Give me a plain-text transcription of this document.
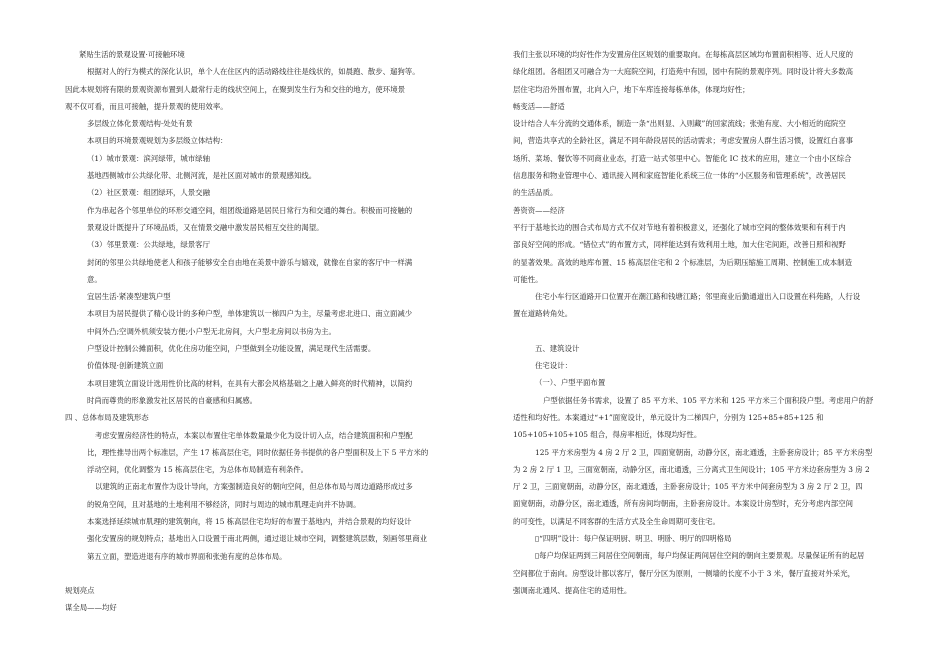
紧贴生活的景观设置·可接触环境

根据对人的行为模式的深化认识，单个人在住区内的活动路线往往是线状的，如晨跑、散步、遛狗等。

因此本规划将有限的景观资源布置到人最常行走的线状空间上，在聚到发生行为和交往的地方，使环境景

观不仅可看，而且可接触，提升景观的使用效率。

多层级立体化景观结构·处处有景

本项目的环境景观规划为多层级立体结构：

（1）城市景观：滨河绿带，城市绿轴

基地西侧城市公共绿化带、北侧河流，是社区面对城市的景观感知线。

（2）社区景观：组团绿环，人景交融

作为串起各个邻里单位的环形交通空间，组团级道路是居民日常行为和交通的舞台。积极而可接触的

景观设计既提升了环境品质，又在情景交融中激发居民相互交往的渴望。

（3）邻里景观：公共绿地，绿景客厅

封闭的邻里公共绿地使老人和孩子能够安全自由地在美景中游乐与嬉戏，就像在自家的客厅中一样满

意。

宜居生活·紧凑型建筑户型

本项目为居民提供了精心设计的多种户型，单体建筑以一梯四户为主，尽量考虑北进口、南立面减少

中间外凸;空调外机须安装方便;小户型无北房间，大户型北房间以书房为主。

户型设计控制公摊面积，优化住房功能空间，户型做到全功能设置，满足现代生活需要。

价值体现·创新建筑立面

本项目建筑立面设计选用性价比高的材料，在具有大都会风格基础之上融入鲜亮的时代精神，以简约

时尚而尊贵的形象激发社区居民的自豪感和归属感。

四 、总体布局及建筑形态

考虑安置房经济性的特点，本案以布置住宅单体数量最少化为设计切入点，结合建筑面积和户型配

比，理性推导出两个标准层，产生 17 栋高层住宅，同时依据任务书提供的各户型面积及上下 5 平方米的

浮动空间，优化调整为 15 栋高层住宅，为总体布局制造有利条件。

以建筑的正南北布置作为设计导向，方案强制造良好的朝向空间，但总体布局与周边道路形成过多

的锐角空间，且对基地的土地利用不够经济，同时与周边的城市肌理走向并不协调。

本案选择延续城市肌理的建筑朝向，将 15 栋高层住宅均好的布置于基地内，并结合景观的均好设计

强化安置房的规划特点；基地出入口设置于南北两侧，通过退让城市空间，调整建筑层数，刻画邻里商业

第五立面，塑造进退有序的城市界面和张弛有度的总体布局。

规划亮点

谋全局——均好

我们主张以环境的均好性作为安置房住区规划的重要取向。在每栋高层区域均布置面积相等、近人尺度的

绿化组团。各组团又可融合为一大庭院空间，打造苑中有园，园中有院的景观序列。同时设计将大多数高

层住宅均沿外围布置，北向入户，地下车库连接每栋单体，体现均好性；

畅变活——舒适

设计结合人车分流的交通体系，制造一条“出则显、入则藏”的回家流线；张弛有度、大小相近的庭院空

间，营造共享式的全龄社区，满足不同年龄段居民的活动需求；考虑安置房人群生活习惯，设置红白喜事

场所、菜场、餐饮等不同商业业态，打造一站式邻里中心。智能化 IC 技术的应用，建立一个由小区综合

信息服务和物业管理中心、通讯接入网和家庭智能化系统三位一体的“小区服务和管理系统”，改善居民

的生活品质。

善资资——经济

平行于基地长边的围合式布局方式不仅对节地有着积极意义，还强化了城市空间的整体效果和有利于内

部良好空间的形成。“错位式”的布置方式，同样能达到有效利用土地，加大住宅间距，改善日照和视野

的显著效果。高效的地库布置、15 栋高层住宅和 2 个标准层，为后期压缩施工周期、控制施工成本制造

可能性。

住宅小车行区道路开口位置开在潮江路和钱塘江路；邻里商业后勤通道出入口设置在科苑路，人行设

置在道路转角处。

五、建筑设计

住宅设计：

（一）、户型平面布置

户型依据任务书需求，设置了 85 平方米、105 平方米和 125 平方米三个面积段户型。考虑用户的舒

适性和均好性。本案通过“+1”面宽设计，单元设计为二梯四户，分别为 125+85+85+125 和

105+105+105+105 组合，得房率相近，体现均好性。

125 平方米房型为 4 房 2 厅 2 卫，四面宽朝南，动静分区，南北通透，主卧套房设计；85 平方米房型

为 2 房 2 厅 1 卫，三面宽朝南，动静分区，南北通透，三分离式卫生间设计；105 平方米边套房型为 3 房 2

厅 2 卫，三面宽朝南，动静分区，南北通透，主卧套房设计；105 平方米中间套房型为 3 房 2 厅 2 卫，四

面宽朝南，动静分区，南北通透，所有房间均朝南，主卧套房设计。本案设计房型时，充分考虑内部空间

的可变性，以满足不同客群的生活方式及全生命周期可变住宅。

▯“四明”设计：每户保证明厨、明卫、明卧、明厅的四明格局

▯每户均保证两到三间居住空间朝南，每户均保证两间居住空间的朝向主要景观。尽量保证所有的起居

空间都位于南向。房型设计都以客厅，餐厅分区为原则，一侧墙的长度不小于 3 米，餐厅直接对外采光，

强调南北通风、提高住宅的适用性。
